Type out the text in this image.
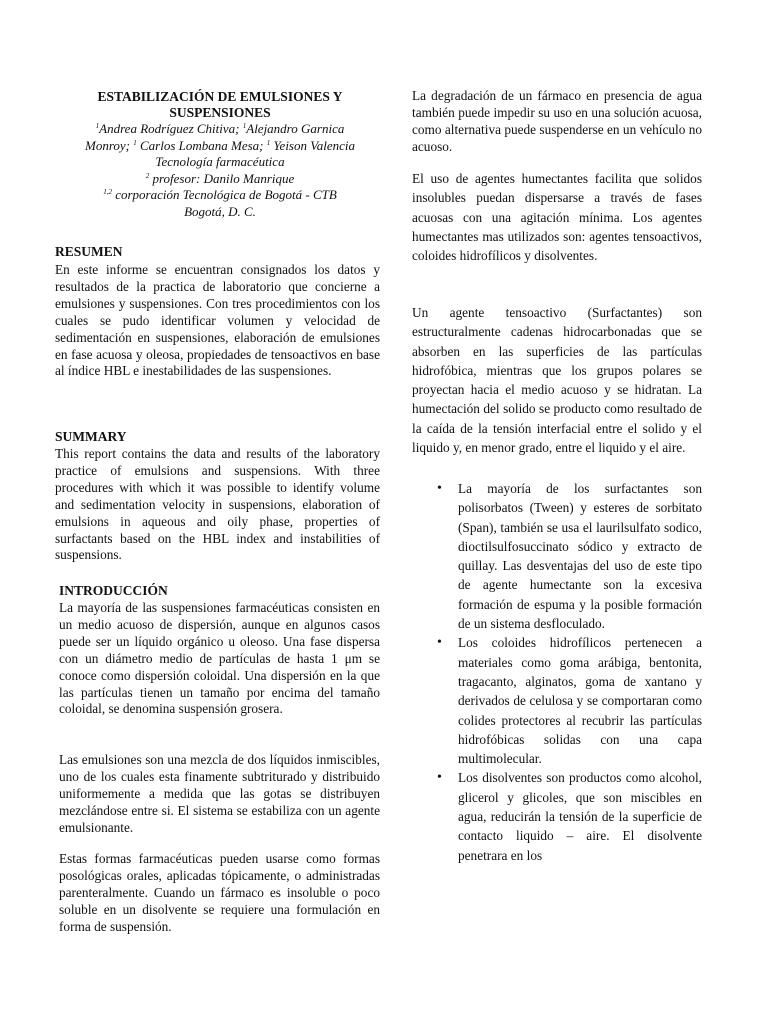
ESTABILIZACIÓN DE EMULSIONES Y SUSPENSIONES

$^1$Andrea Rodríguez Chitiva; $^1$Alejandro Garnica

Monroy; $^1$ Carlos Lombana Mesa; $^1$ Yeison Valencia

Tecnología farmacéutica

$^2$ profesor: Danilo Manrique

$^{1,2}$ corporación Tecnológica de Bogotá - CTB

Bogotá, D. C.

RESUMEN

En este informe se encuentran consignados los datos y resultados de la practica de laboratorio que concierne a emulsiones y suspensiones. Con tres procedimientos con los cuales se pudo identificar volumen y velocidad de sedimentación en suspensiones, elaboración de emulsiones en fase acuosa y oleosa, propiedades de tensoactivos en base al índice HBL e inestabilidades de las suspensiones.

SUMMARY

This report contains the data and results of the laboratory practice of emulsions and suspensions. With three procedures with which it was possible to identify volume and sedimentation velocity in suspensions, elaboration of emulsions in aqueous and oily phase, properties of surfactants based on the HBL index and instabilities of suspensions.

INTRODUCCIÓN

La mayoría de las suspensiones farmacéuticas consisten en un medio acuoso de dispersión, aunque en algunos casos puede ser un líquido orgánico u oleoso. Una fase dispersa con un diámetro medio de partículas de hasta 1 μm se conoce como dispersión coloidal. Una dispersión en la que las partículas tienen un tamaño por encima del tamaño coloidal, se denomina suspensión grosera.

Las emulsiones son una mezcla de dos líquidos inmiscibles, uno de los cuales esta finamente subtriturado y distribuido uniformemente a medida que las gotas se distribuyen mezclándose entre si. El sistema se estabiliza con un agente emulsionante.

Estas formas farmacéuticas pueden usarse como formas posológicas orales, aplicadas tópicamente, o administradas parenteralmente. Cuando un fármaco es insoluble o poco soluble en un disolvente se requiere una formulación en forma de suspensión.

La degradación de un fármaco en presencia de agua también puede impedir su uso en una solución acuosa, como alternativa puede suspenderse en un vehículo no acuoso.

El uso de agentes humectantes facilita que solidos insolubles puedan dispersarse a través de fases acuosas con una agitación mínima. Los agentes humectantes mas utilizados son: agentes tensoactivos, coloides hidrofílicos y disolventes.

Un agente tensoactivo (Surfactantes) son estructuralmente cadenas hidrocarbonadas que se absorben en las superficies de las partículas hidrofóbica, mientras que los grupos polares se proyectan hacia el medio acuoso y se hidratan. La humectación del solido se producto como resultado de la caída de la tensión interfacial entre el solido y el liquido y, en menor grado, entre el liquido y el aire.

• La mayoría de los surfactantes son polisorbatos (Tween) y esteres de sorbitato (Span), también se usa el laurilsulfato sodico, dioctilsulfosuccinato sódico y extracto de quillay. Las desventajas del uso de este tipo de agente humectante son la excesiva formación de espuma y la posible formación de un sistema desfloculado.
• Los coloides hidrofílicos pertenecen a materiales como goma arábiga, bentonita, tragacanto, alginatos, goma de xantano y derivados de celulosa y se comportaran como colides protectores al recubrir las partículas hidrofóbicas solidas con una capa multimolecular.
• Los disolventes son productos como alcohol, glicerol y glicoles, que son miscibles en agua, reducirán la tensión de la superficie de contacto liquido – aire. El disolvente penetrara en los
